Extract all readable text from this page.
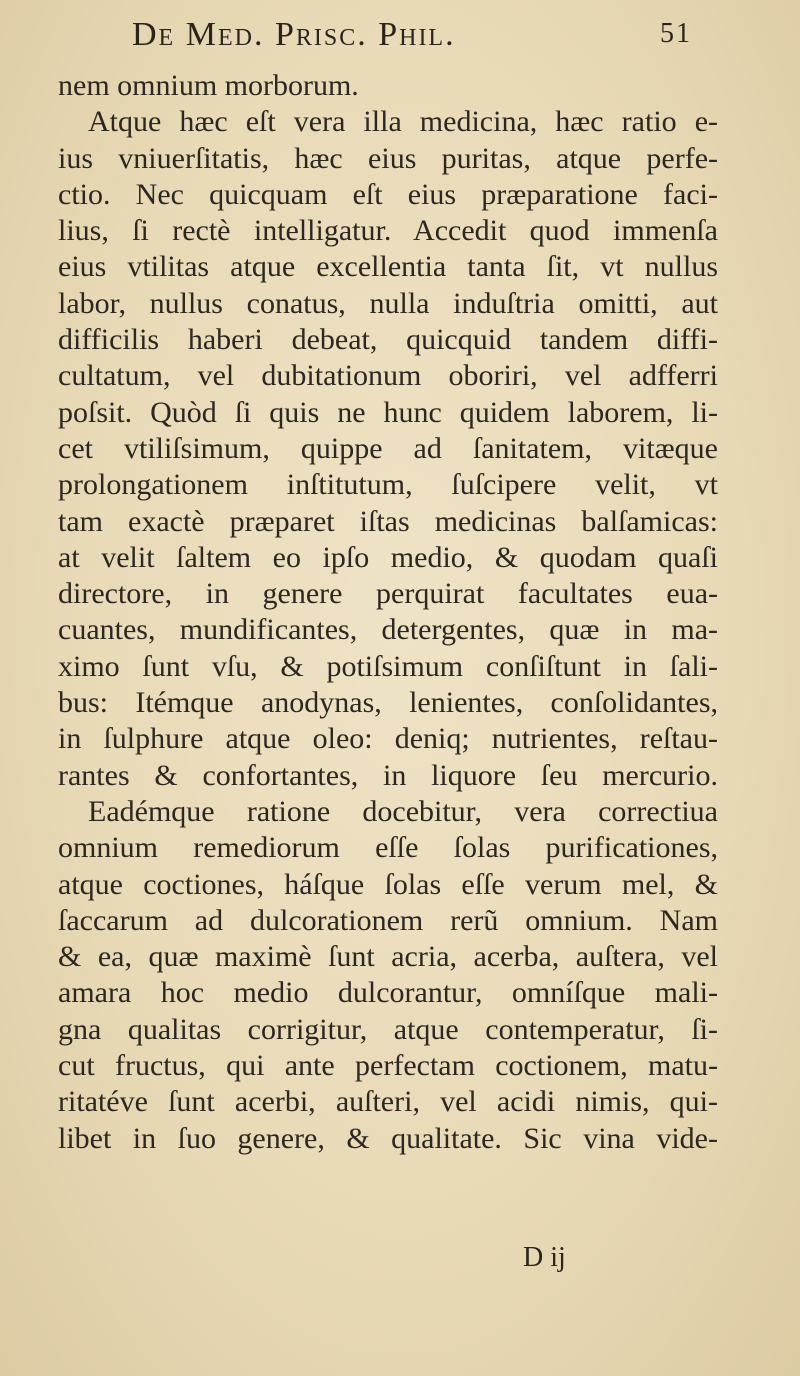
De Med. Prisc. Phil.	51
nem omnium morborum.
Atque hæc eſt vera illa medicina, hæc ratio e-
ius vniuerſitatis, hæc eius puritas, atque perfe-
ctio. Nec quicquam eſt eius præparatione faci-
lius, ſi rectè intelligatur. Accedit quod immenſa
eius vtilitas atque excellentia tanta ſit, vt nullus
labor, nullus conatus, nulla induſtria omitti, aut
difficilis haberi debeat, quicquid tandem diffi-
cultatum, vel dubitationum oboriri, vel adfferri
poſsit. Quòd ſi quis ne hunc quidem laborem, li-
cet vtiliſsimum, quippe ad ſanitatem, vitæque
prolongationem inſtitutum, ſuſcipere velit, vt
tam exactè præparet iſtas medicinas balſamicas:
at velit ſaltem eo ipſo medio, & quodam quaſi
directore, in genere perquirat facultates eua-
cuantes, mundificantes, detergentes, quæ in ma-
ximo ſunt vſu, & potiſsimum conſiſtunt in ſali-
bus: Itémque anodynas, lenientes, conſolidantes,
in ſulphure atque oleo: deniq; nutrientes, reſtau-
rantes & confortantes, in liquore ſeu mercurio.
Eadémque ratione docebitur, vera correctiua
omnium remediorum eſſe ſolas purificationes,
atque coctiones, háſque ſolas eſſe verum mel, &
ſaccarum ad dulcorationem rerũ omnium. Nam
& ea, quæ maximè ſunt acria, acerba, auſtera, vel
amara hoc medio dulcorantur, omníſque mali-
gna qualitas corrigitur, atque contemperatur, ſi-
cut fructus, qui ante perfectam coctionem, matu-
ritatéve ſunt acerbi, auſteri, vel acidi nimis, qui-
libet in ſuo genere, & qualitate. Sic vina vide-
D ij
